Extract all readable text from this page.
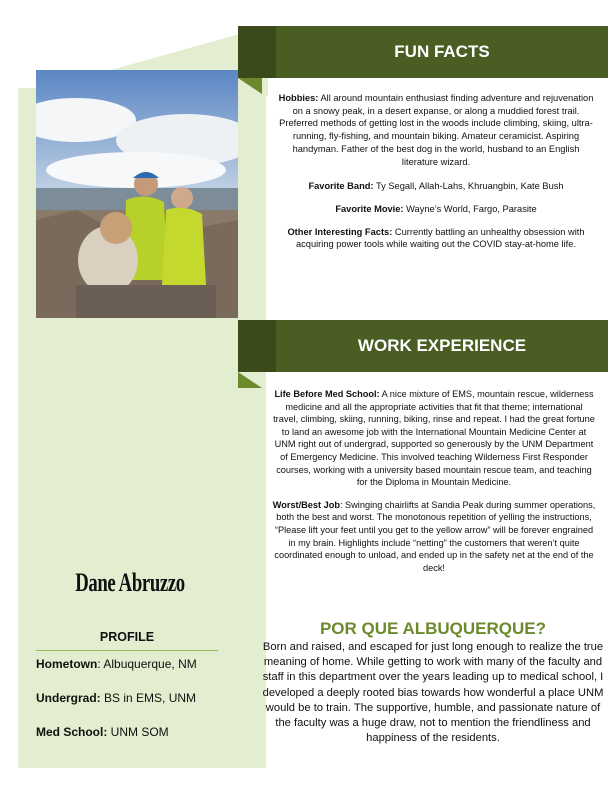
FUN FACTS

Hobbies: All around mountain enthusiast finding adventure and rejuvenation on a snowy peak, in a desert expanse, or along a muddied forest trail. Preferred methods of getting lost in the woods include climbing, skiing, ultra-running, fly-fishing, and mountain biking. Amateur ceramicist. Aspiring handyman. Father of the best dog in the world, husband to an English literature wizard.

Favorite Band: Ty Segall, Allah-Lahs, Khruangbin, Kate Bush

Favorite Movie: Wayne’s World, Fargo, Parasite

Other Interesting Facts: Currently battling an unhealthy obsession with acquiring power tools while waiting out the COVID stay-at-home life.

WORK EXPERIENCE

Life Before Med School: A nice mixture of EMS, mountain rescue, wilderness medicine and all the appropriate activities that fit that theme; international travel, climbing, skiing, running, biking, rinse and repeat. I had the great fortune to land an awesome job with the International Mountain Medicine Center at UNM right out of undergrad, supported so generously by the UNM Department of Emergency Medicine. This involved teaching Wilderness First Responder courses, working with a university based mountain rescue team, and teaching for the Diploma in Mountain Medicine.

Worst/Best Job: Swinging chairlifts at Sandia Peak during summer operations, both the best and worst. The monotonous repetition of yelling the instructions, “Please lift your feet until you get to the yellow arrow” will be forever engrained in my brain. Highlights include “netting” the customers that weren’t quite coordinated enough to unload, and ended up in the safety net at the end of the deck!

POR QUE ALBUQUERQUE?
Born and raised, and escaped for just long enough to realize the true meaning of home. While getting to work with many of the faculty and staff in this department over the years leading up to medical school, I developed a deeply rooted bias towards how wonderful a place UNM would be to train. The supportive, humble, and passionate nature of the faculty was a huge draw, not to mention the friendliness and happiness of the residents.
Dane Abruzzo
PROFILE
Hometown: Albuquerque, NM
Undergrad: BS in EMS, UNM
Med School: UNM SOM
